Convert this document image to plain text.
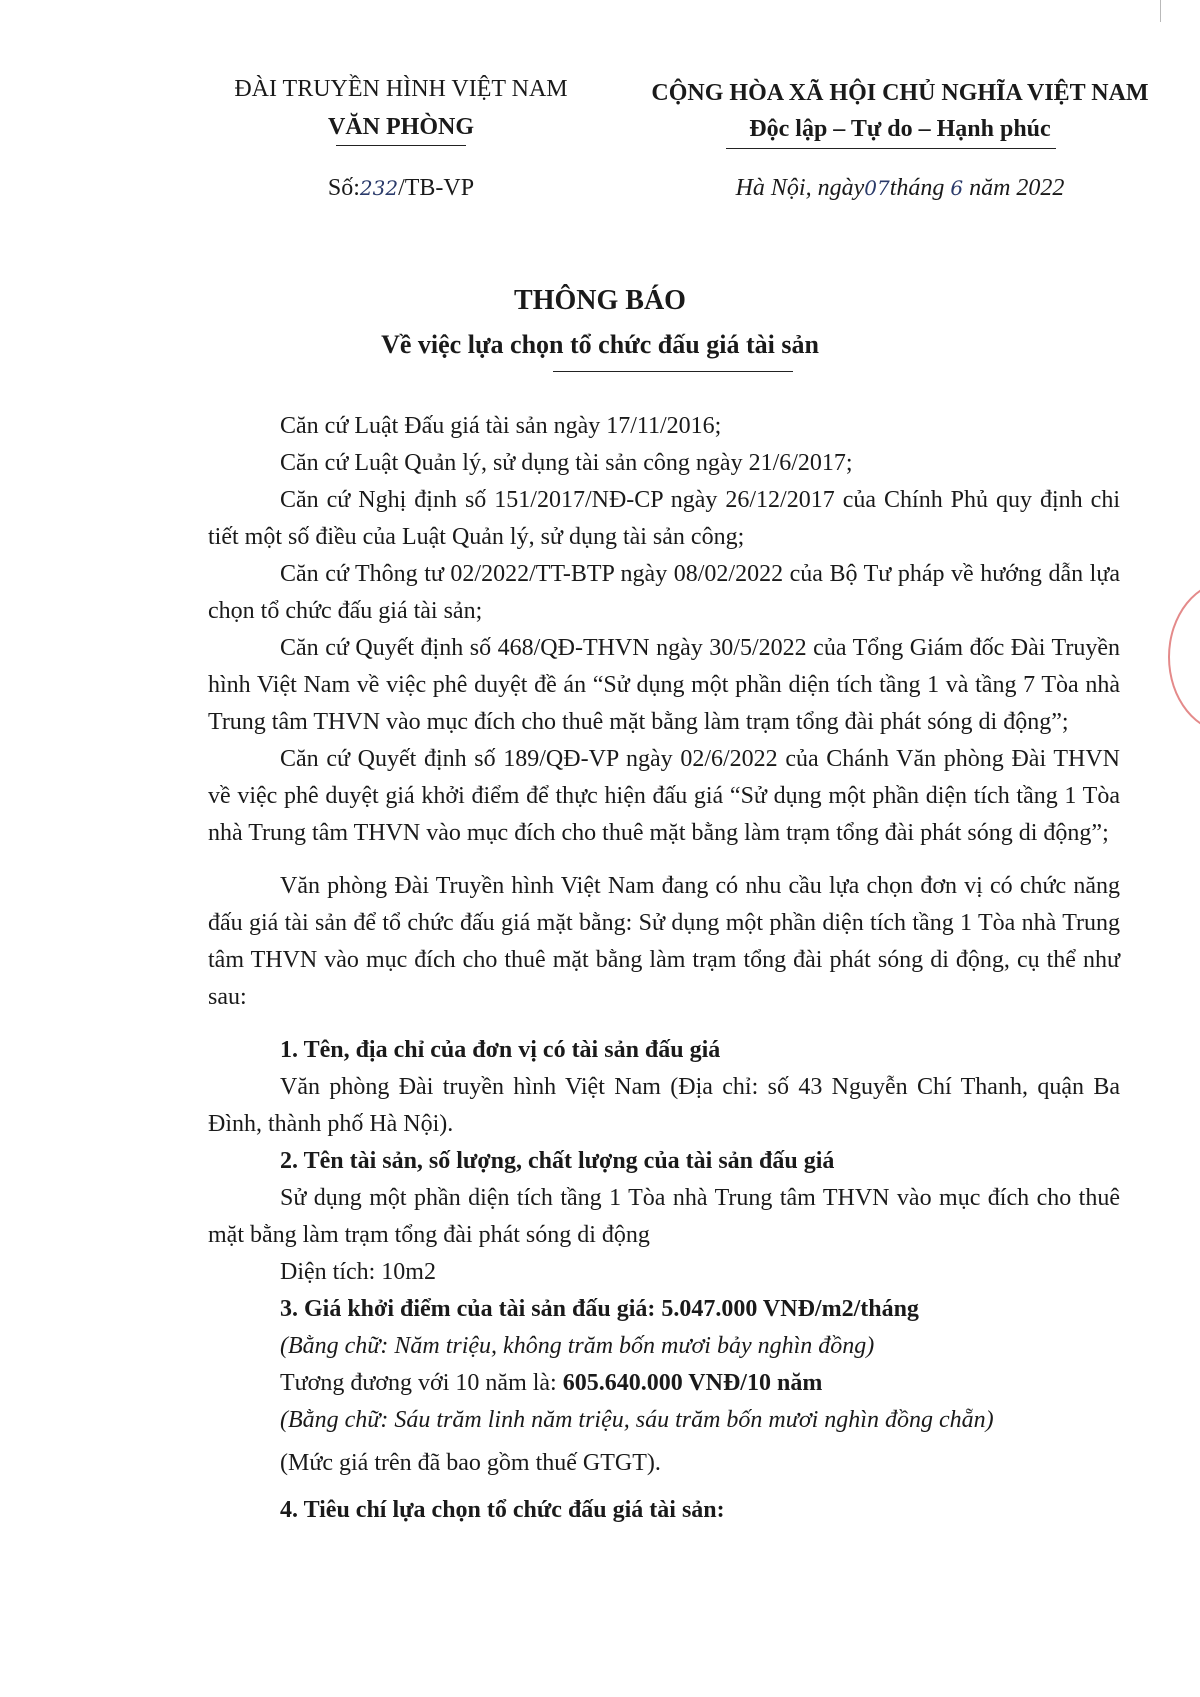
ĐÀI TRUYỀN HÌNH VIỆT NAM
VĂN PHÒNG
Số:232/TB-VP
CỘNG HÒA XÃ HỘI CHỦ NGHĨA VIỆT NAM
Độc lập – Tự do – Hạnh phúc
Hà Nội, ngày07tháng 6 năm 2022
THÔNG BÁO
Về việc lựa chọn tổ chức đấu giá tài sản

Căn cứ Luật Đấu giá tài sản ngày 17/11/2016;

Căn cứ Luật Quản lý, sử dụng tài sản công ngày 21/6/2017;

Căn cứ Nghị định số 151/2017/NĐ-CP ngày 26/12/2017 của Chính Phủ quy định chi tiết một số điều của Luật Quản lý, sử dụng tài sản công;

Căn cứ Thông tư 02/2022/TT-BTP ngày 08/02/2022 của Bộ Tư pháp về hướng dẫn lựa chọn tổ chức đấu giá tài sản;

Căn cứ Quyết định số 468/QĐ-THVN ngày 30/5/2022 của Tổng Giám đốc Đài Truyền hình Việt Nam về việc phê duyệt đề án “Sử dụng một phần diện tích tầng 1 và tầng 7 Tòa nhà Trung tâm THVN vào mục đích cho thuê mặt bằng làm trạm tổng đài phát sóng di động”;

Căn cứ Quyết định số 189/QĐ-VP ngày 02/6/2022 của Chánh Văn phòng Đài THVN về việc phê duyệt giá khởi điểm để thực hiện đấu giá “Sử dụng một phần diện tích tầng 1 Tòa nhà Trung tâm THVN vào mục đích cho thuê mặt bằng làm trạm tổng đài phát sóng di động”;

Văn phòng Đài Truyền hình Việt Nam đang có nhu cầu lựa chọn đơn vị có chức năng đấu giá tài sản để tổ chức đấu giá mặt bằng: Sử dụng một phần diện tích tầng 1 Tòa nhà Trung tâm THVN vào mục đích cho thuê mặt bằng làm trạm tổng đài phát sóng di động, cụ thể như sau:

1. Tên, địa chỉ của đơn vị có tài sản đấu giá

Văn phòng Đài truyền hình Việt Nam (Địa chỉ: số 43 Nguyễn Chí Thanh, quận Ba Đình, thành phố Hà Nội).

2. Tên tài sản, số lượng, chất lượng của tài sản đấu giá

Sử dụng một phần diện tích tầng 1 Tòa nhà Trung tâm THVN vào mục đích cho thuê mặt bằng làm trạm tổng đài phát sóng di động

Diện tích: 10m2

3. Giá khởi điểm của tài sản đấu giá: 5.047.000 VNĐ/m2/tháng

(Bằng chữ: Năm triệu, không trăm bốn mươi bảy nghìn đồng)

Tương đương với 10 năm là: 605.640.000 VNĐ/10 năm

(Bằng chữ: Sáu trăm linh năm triệu, sáu trăm bốn mươi nghìn đồng chẵn)

(Mức giá trên đã bao gồm thuế GTGT).

4. Tiêu chí lựa chọn tổ chức đấu giá tài sản:
